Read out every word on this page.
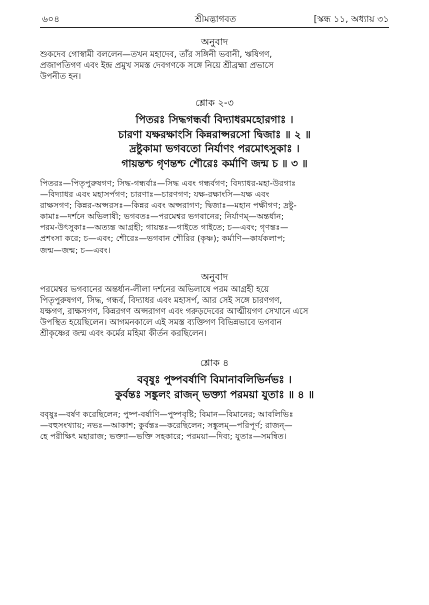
৬০৪	শ্রীমদ্ভাগবত	[স্কন্ধ ১১, অধ্যায় ৩১
অনুবাদ
শুকদেব গোস্বামী বললেন—তখন মহাদেব, তাঁর সঙ্গিনী ভবানী, ঋষিগণ,
প্রজাপতিগণ এবং ইন্দ্র প্রমুখ সমস্ত দেবগণকে সঙ্গে নিয়ে শ্রীব্রহ্মা প্রভাসে
উপনীত হন।
শ্লোক ২-৩
পিতরঃ সিদ্ধগন্ধর্বা বিদ্যাধরমহোরগাঃ ।
চারণা যক্ষরক্ষাংসি কিন্নরাপ্সরসো দ্বিজাঃ ॥ ২ ॥
দ্রষ্টুকামা ভগবতো নির্যাণং পরমোৎসুকাঃ ।
গায়ন্তশ্চ গৃণন্তশ্চ শৌরেঃ কর্মাণি জন্ম চ ॥ ৩ ॥
পিতরঃ—পিতৃপুরুষগণ; সিদ্ধ-গন্ধর্বাঃ—সিদ্ধ এবং গন্ধর্বগণ; বিদ্যাধর-মহা-উরগাঃ
—বিদ্যাধর এবং মহাসর্পগণ; চারণাঃ—চারণগণ; যক্ষ-রক্ষাংসি—যক্ষ এবং
রাক্ষসগণ; কিন্নর-অপ্সরসঃ—কিন্নর এবং অপ্সরাগণ; দ্বিজাঃ—মহান পক্ষীগণ; দ্রষ্টু-
কামাঃ—দর্শনে অভিলাষী; ভগবতঃ—পরমেশ্বর ভগবানের; নির্যাণম্—অন্তর্ধান;
পরম-উৎসুকাঃ—অত্যন্ত আগ্রহী; গায়ন্তঃ—গাইতে গাইতে; চ—এবং; গৃণন্তঃ—
প্রশংসা করে; চ—এবং; শৌরেঃ—ভগবান শৌরির (কৃষ্ণ); কর্মাণি—কার্যকলাপ;
জন্ম—জন্ম; চ—এবং।
অনুবাদ
পরমেশ্বর ভগবানের অন্তর্ধান-লীলা দর্শনের অভিলাষে পরম আগ্রহী হয়ে
পিতৃপুরুষগণ, সিদ্ধ, গন্ধর্ব, বিদ্যাধর এবং মহাসর্প, আর সেই সঙ্গে চারণগণ,
যক্ষগণ, রাক্ষসগণ, কিন্নরগণ অপ্সরাগণ এবং গরুড়দেবের আত্মীয়গণ সেখানে এসে
উপস্থিত হয়েছিলেন। আগমনকালে এই সমস্ত ব্যক্তিগণ বিভিন্নভাবে ভগবান
শ্রীকৃষ্ণের জন্ম এবং কর্মের মহিমা কীর্তন করছিলেন।
শ্লোক ৪
ববৃষুঃ পুষ্পবর্ষাণি বিমানাবলিভির্নভঃ ।
কুর্বন্তঃ সঙ্কুলং রাজন্ ভক্ত্যা পরময়া যুতাঃ ॥ ৪ ॥
ববৃষুঃ—বর্ষণ করেছিলেন; পুষ্প-বর্ষাণি—পুষ্পবৃষ্টি; বিমান—বিমানের; আবলিভিঃ
—বহুসংখ্যায়; নভঃ—আকাশ; কুর্বন্তঃ—করেছিলেন; সঙ্কুলম্—পরিপূর্ণ; রাজন্—
হে পরীক্ষিৎ মহারাজ; ভক্ত্যা—ভক্তি সহকারে; পরময়া—দিব্য; যুতাঃ—সমন্বিত।
